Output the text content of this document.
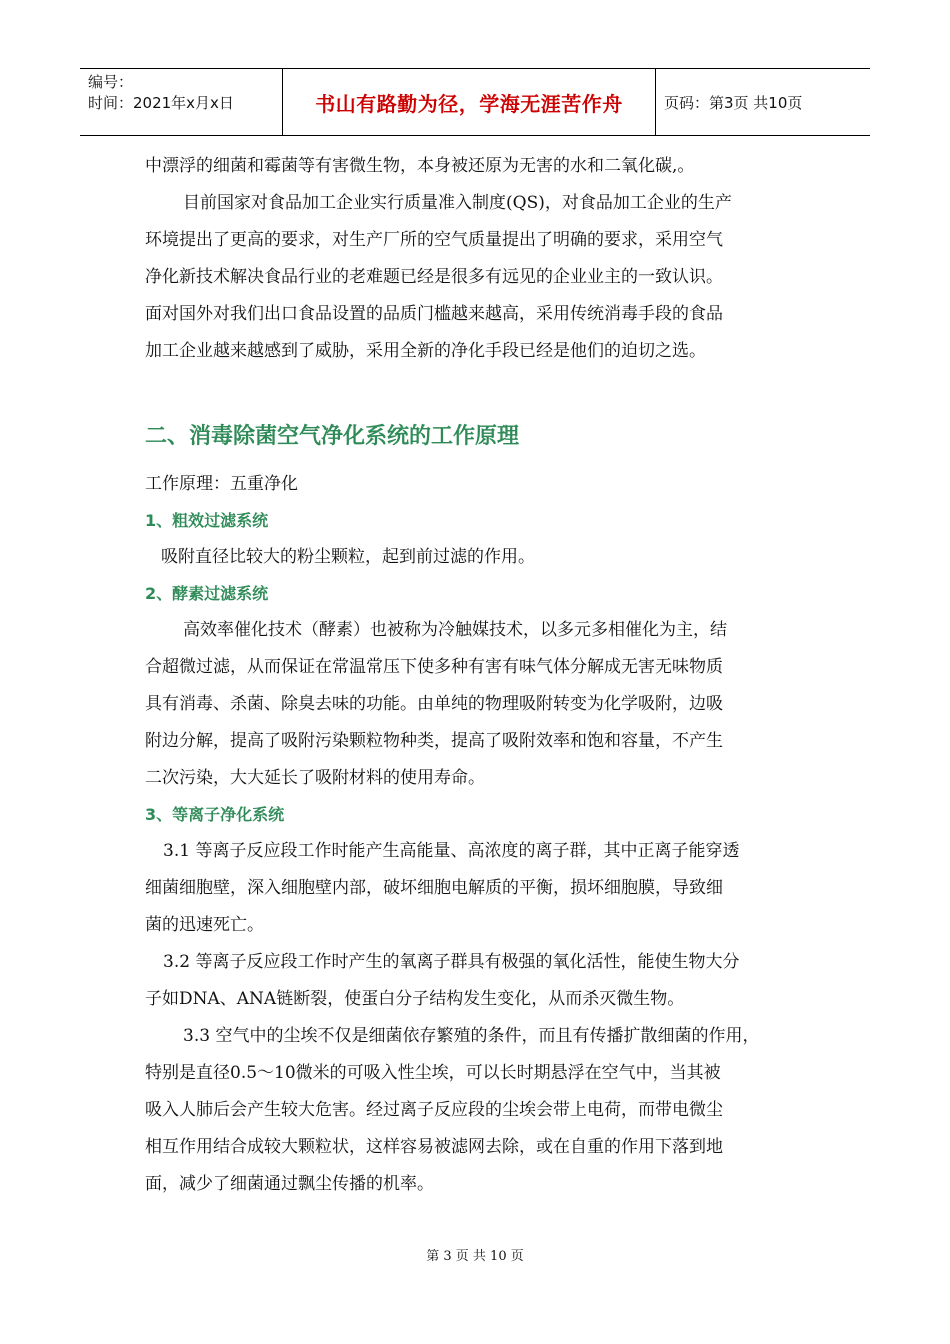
编号：
时间：2021年x月x日	书山有路勤为径，学海无涯苦作舟	页码：第3页 共10页

中漂浮的细菌和霉菌等有害微生物，本身被还原为无害的水和二氧化碳,。

目前国家对食品加工企业实行质量准入制度(QS)，对食品加工企业的生产

环境提出了更高的要求，对生产厂所的空气质量提出了明确的要求，采用空气

净化新技术解决食品行业的老难题已经是很多有远见的企业业主的一致认识。

面对国外对我们出口食品设置的品质门槛越来越高，采用传统消毒手段的食品

加工企业越来越感到了威胁，采用全新的净化手段已经是他们的迫切之选。

二、消毒除菌空气净化系统的工作原理

工作原理：五重净化

1、粗效过滤系统

吸附直径比较大的粉尘颗粒，起到前过滤的作用。

2、酵素过滤系统

高效率催化技术（酵素）也被称为冷触媒技术，以多元多相催化为主，结

合超微过滤，从而保证在常温常压下使多种有害有味气体分解成无害无味物质

具有消毒、杀菌、除臭去味的功能。由单纯的物理吸附转变为化学吸附，边吸

附边分解，提高了吸附污染颗粒物种类，提高了吸附效率和饱和容量，不产生

二次污染，大大延长了吸附材料的使用寿命。

3、等离子净化系统

3.1 等离子反应段工作时能产生高能量、高浓度的离子群，其中正离子能穿透

细菌细胞壁，深入细胞壁内部，破坏细胞电解质的平衡，损坏细胞膜，导致细

菌的迅速死亡。

3.2 等离子反应段工作时产生的氧离子群具有极强的氧化活性，能使生物大分

子如DNA、ANA链断裂，使蛋白分子结构发生变化，从而杀灭微生物。

3.3 空气中的尘埃不仅是细菌依存繁殖的条件，而且有传播扩散细菌的作用，

特别是直径0.5～10微米的可吸入性尘埃，可以长时期悬浮在空气中，当其被

吸入人肺后会产生较大危害。经过离子反应段的尘埃会带上电荷，而带电微尘

相互作用结合成较大颗粒状，这样容易被滤网去除，或在自重的作用下落到地

面，减少了细菌通过飘尘传播的机率。

第 3 页 共 10 页
